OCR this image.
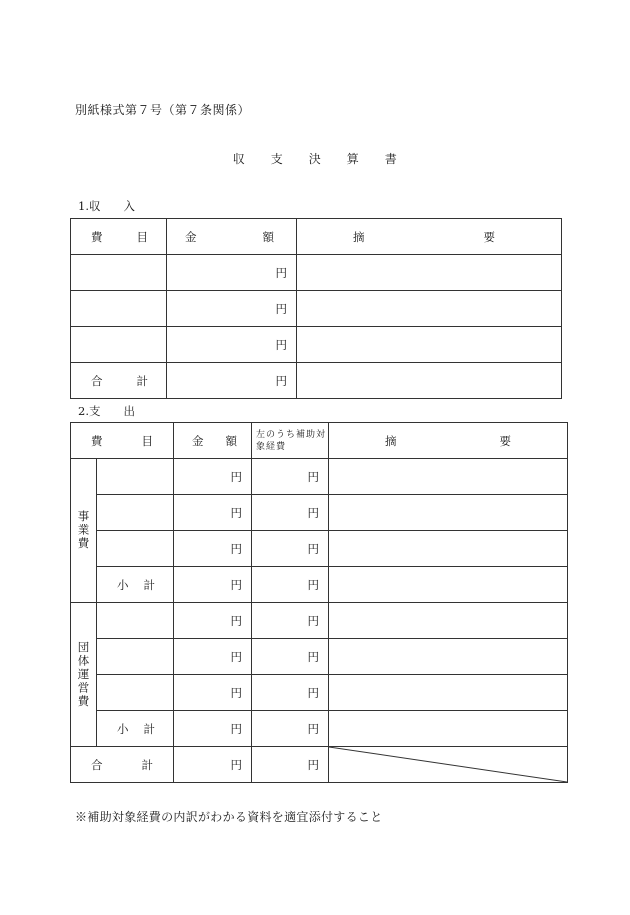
別紙様式第７号（第７条関係）
収 支 決 算 書
1.収　　入
費 目	金 額	摘 要

	円	
	円	
	円	

合 計	円	
2.支　　出
費 目		金 額	左のうち補助対象経費	摘 要

事業費		円	円	
		円	円	
		円	円	

	小 計	円	円	

団体運営費		円	円	
		円	円	
		円	円	

	小 計	円	円	

合 計		円	円	
※補助対象経費の内訳がわかる資料を適宜添付すること
